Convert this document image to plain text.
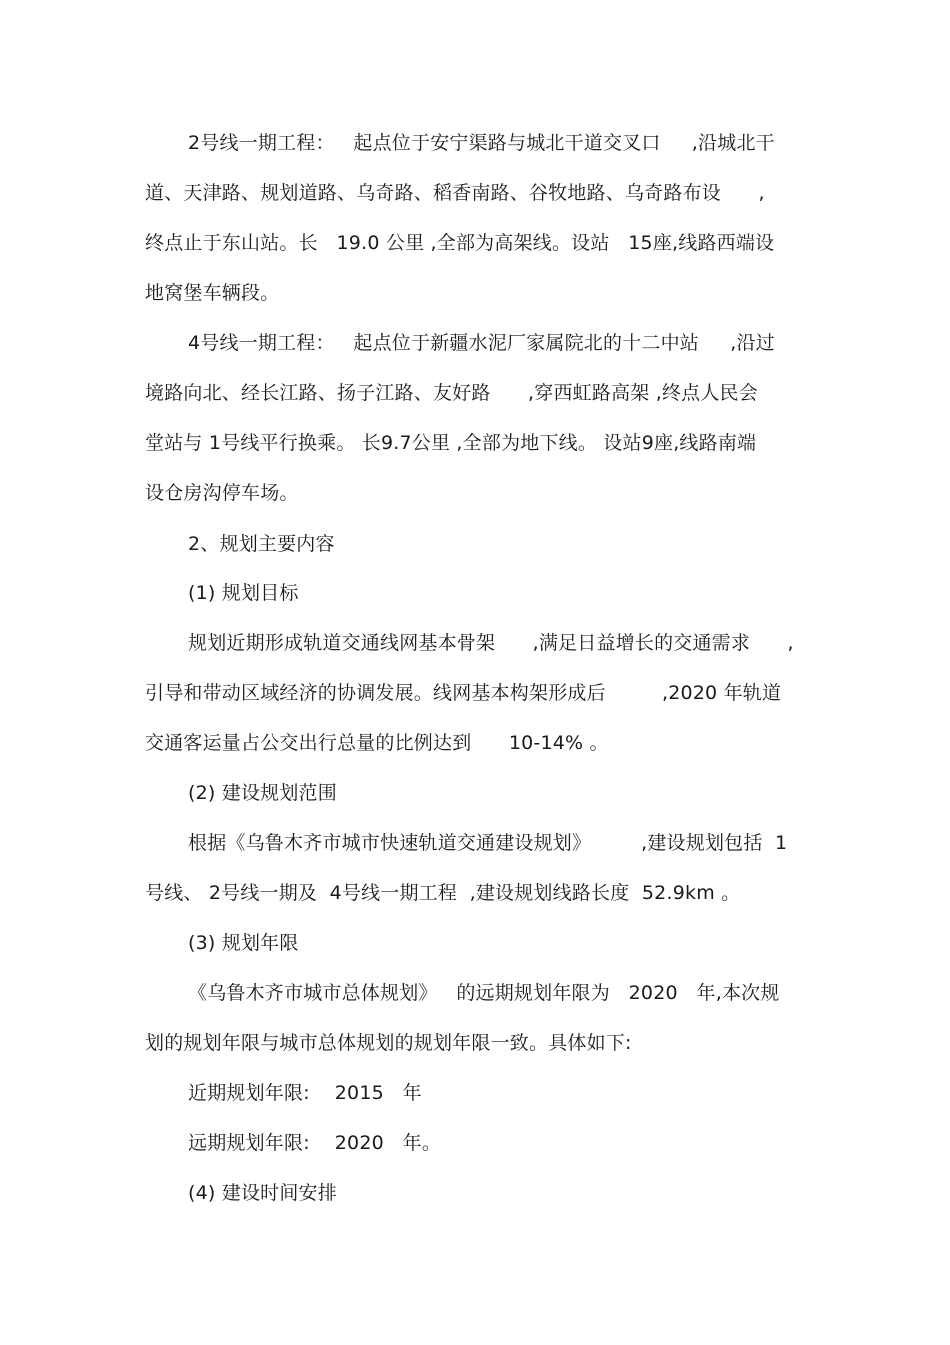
2号线一期工程：   起点位于安宁渠路与城北干道交叉口     ,沿城北干
道、天津路、规划道路、乌奇路、稻香南路、谷牧地路、乌奇路布设      ,
终点止于东山站。长   19.0 公里 ,全部为高架线。设站   15座,线路西端设
地窝堡车辆段。
4号线一期工程：   起点位于新疆水泥厂家属院北的十二中站     ,沿过
境路向北、经长江路、扬子江路、友好路      ,穿西虹路高架 ,终点人民会
堂站与 1号线平行换乘。 长9.7公里 ,全部为地下线。 设站9座,线路南端
设仓房沟停车场。
2、规划主要内容
(1) 规划目标
规划近期形成轨道交通线网基本骨架      ,满足日益增长的交通需求      ,
引导和带动区域经济的协调发展。线网基本构架形成后         ,2020 年轨道
交通客运量占公交出行总量的比例达到      10-14% 。
(2) 建设规划范围
根据《乌鲁木齐市城市快速轨道交通建设规划》        ,建设规划包括  1
号线、 2号线一期及  4号线一期工程  ,建设规划线路长度  52.9km 。
(3) 规划年限
《乌鲁木齐市城市总体规划》   的远期规划年限为   2020   年,本次规
划的规划年限与城市总体规划的规划年限一致。具体如下:
近期规划年限:    2015   年
远期规划年限:    2020   年。
(4) 建设时间安排
